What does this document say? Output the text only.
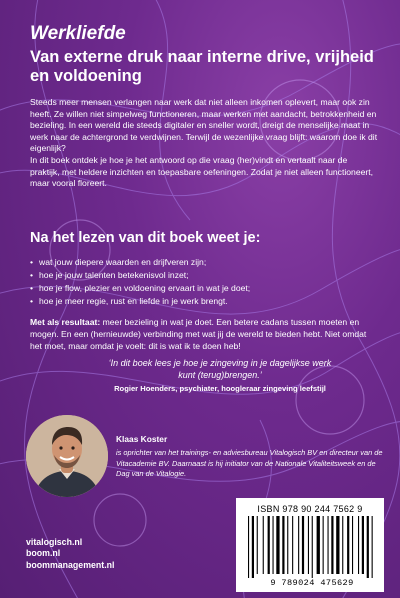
Werkliefde
Van externe druk naar interne drive, vrijheid en voldoening

Steeds meer mensen verlangen naar werk dat niet alleen inkomen oplevert, maar ook zin heeft. Ze willen niet simpelweg functioneren, maar werken met aandacht, betrokkenheid en bezieling. In een wereld die steeds digitaler en sneller wordt, dreigt de menselijke maat in werk naar de achtergrond te verdwijnen. Terwijl de wezenlijke vraag blijft: waarom doe ik dit eigenlijk?

In dit boek ontdek je hoe je het antwoord op die vraag (her)vindt en vertaalt naar de praktijk, met heldere inzichten en toepasbare oefeningen. Zodat je niet alleen functioneert, maar vooral floreert.

Na het lezen van dit boek weet je:
• wat jouw diepere waarden en drijfveren zijn;
• hoe je jouw talenten betekenisvol inzet;
• hoe je flow, plezier en voldoening ervaart in wat je doet;
• hoe je meer regie, rust en liefde in je werk brengt.

Met als resultaat: meer bezieling in wat je doet. Een betere cadans tussen moeten en mogen. En een (hernieuwde) verbinding met wat jij de wereld te bieden hebt. Niet omdat het moet, maar omdat je voelt: dit is wat ik te doen heb!

‘In dit boek lees je hoe je zingeving in je dagelijkse werk kunt (terug)brengen.’
Rogier Hoenders, psychiater, hoogleraar zingeving leefstijl

Klaas Koster

is oprichter van het trainings- en adviesbureau Vitalogisch BV en directeur van de Vitacademie BV. Daarnaast is hij initiator van de Nationale Vitaliteitsweek en de Dag van de Vitalogie.

vitalogisch.nl
boom.nl
boommanagement.nl
ISBN 978 90 244 7562 9
9 789024 475629
